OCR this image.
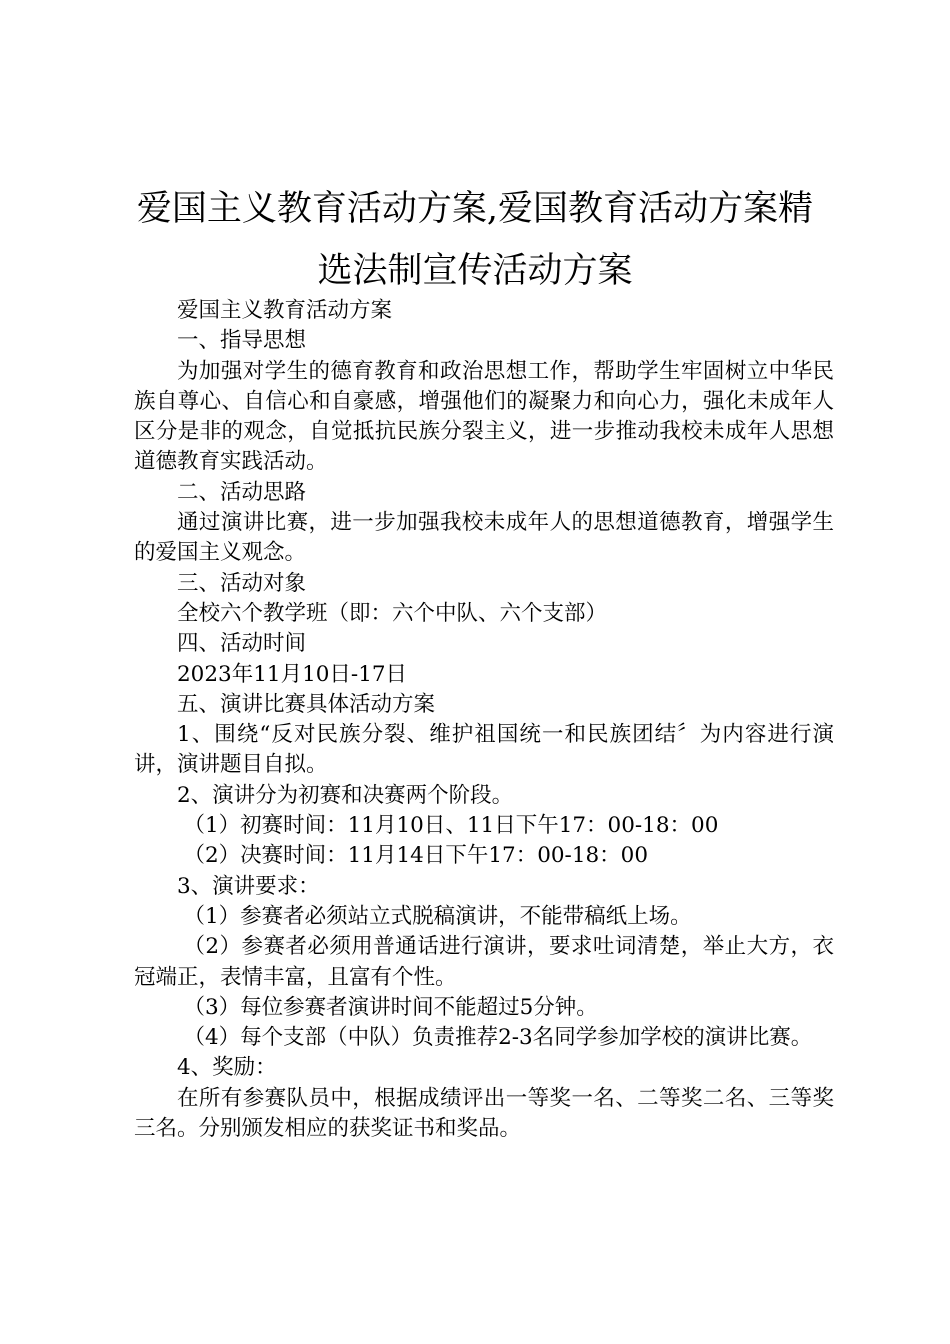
爱国主义教育活动方案,爱国教育活动方案精选法制宣传活动方案

爱国主义教育活动方案

一、指导思想

为加强对学生的德育教育和政治思想工作，帮助学生牢固树立中华民族自尊心、自信心和自豪感，增强他们的凝聚力和向心力，强化未成年人区分是非的观念，自觉抵抗民族分裂主义，进一步推动我校未成年人思想道德教育实践活动。

二、活动思路

通过演讲比赛，进一步加强我校未成年人的思想道德教育，增强学生的爱国主义观念。

三、活动对象

全校六个教学班（即：六个中队、六个支部）

四、活动时间

2023年11月10日-17日

五、演讲比赛具体活动方案

1、围绕“反对民族分裂、维护祖国统一和民族团结〞为内容进行演讲，演讲题目自拟。

2、演讲分为初赛和决赛两个阶段。

（1）初赛时间：11月10日、11日下午17：00-18：00

（2）决赛时间：11月14日下午17：00-18：00

3、演讲要求：

（1）参赛者必须站立式脱稿演讲，不能带稿纸上场。

（2）参赛者必须用普通话进行演讲，要求吐词清楚，举止大方，衣冠端正，表情丰富，且富有个性。

（3）每位参赛者演讲时间不能超过5分钟。

（4）每个支部（中队）负责推荐2-3名同学参加学校的演讲比赛。

4、奖励：

在所有参赛队员中，根据成绩评出一等奖一名、二等奖二名、三等奖三名。分别颁发相应的获奖证书和奖品。
